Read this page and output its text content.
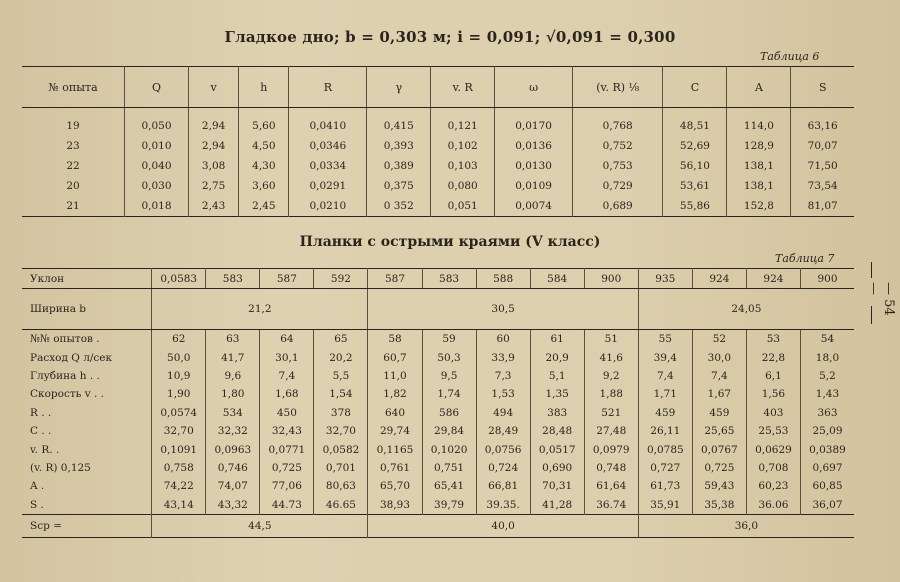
Гладкое дно; b = 0,303 м; i = 0,091; √0,091 = 0,300
Таблица 6
№ опыта	Q	v	h	R	γ	v. R	ω	(v. R) ¹⁄₈	C	A	S
19	0,050	2,94	5,60	0,0410	0,415	0,121	0,0170	0,768	48,51	114,0	63,16
23	0,010	2,94	4,50	0,0346	0,393	0,102	0,0136	0,752	52,69	128,9	70,07
22	0,040	3,08	4,30	0,0334	0,389	0,103	0,0130	0,753	56,10	138,1	71,50
20	0,030	2,75	3,60	0,0291	0,375	0,080	0,0109	0,729	53,61	138,1	73,54
21	0,018	2,43	2,45	0,0210	0 352	0,051	0,0074	0,689	55,86	152,8	81,07
Планки с острыми краями (V класс)
Таблица 7
Уклон	0,0583	583	587	592	587	583	588	584	900	935	924	924	900
Ширина b	21,2				30,5					24,05			
№№ опытов .	62	63	64	65	58	59	60	61	51	55	52	53	54
Расход Q л/сек	50,0	41,7	30,1	20,2	60,7	50,3	33,9	20,9	41,6	39,4	30,0	22,8	18,0
Глубина h . .	10,9	9,6	7,4	5,5	11,0	9,5	7,3	5,1	9,2	7,4	7,4	6,1	5,2
Скорость v . .	1,90	1,80	1,68	1,54	1,82	1,74	1,53	1,35	1,88	1,71	1,67	1,56	1,43
R . .	0,0574	534	450	378	640	586	494	383	521	459	459	403	363
C . .	32,70	32,32	32,43	32,70	29,74	29,84	28,49	28,48	27,48	26,11	25,65	25,53	25,09
v. R. .	0,1091	0,0963	0,0771	0,0582	0,1165	0,1020	0,0756	0,0517	0,0979	0,0785	0,0767	0,0629	0,0389
(v. R) 0,125	0,758	0,746	0,725	0,701	0,761	0,751	0,724	0,690	0,748	0,727	0,725	0,708	0,697
A .	74,22	74,07	77,06	80,63	65,70	65,41	66,81	70,31	61,64	61,73	59,43	60,23	60,85
S .	43,14	43,32	44.73	46.65	38,93	39,79	39.35.	41,28	36.74	35,91	35,38	36.06	36,07
Sср =	44,5				40,0					36,0			
— 54 —
